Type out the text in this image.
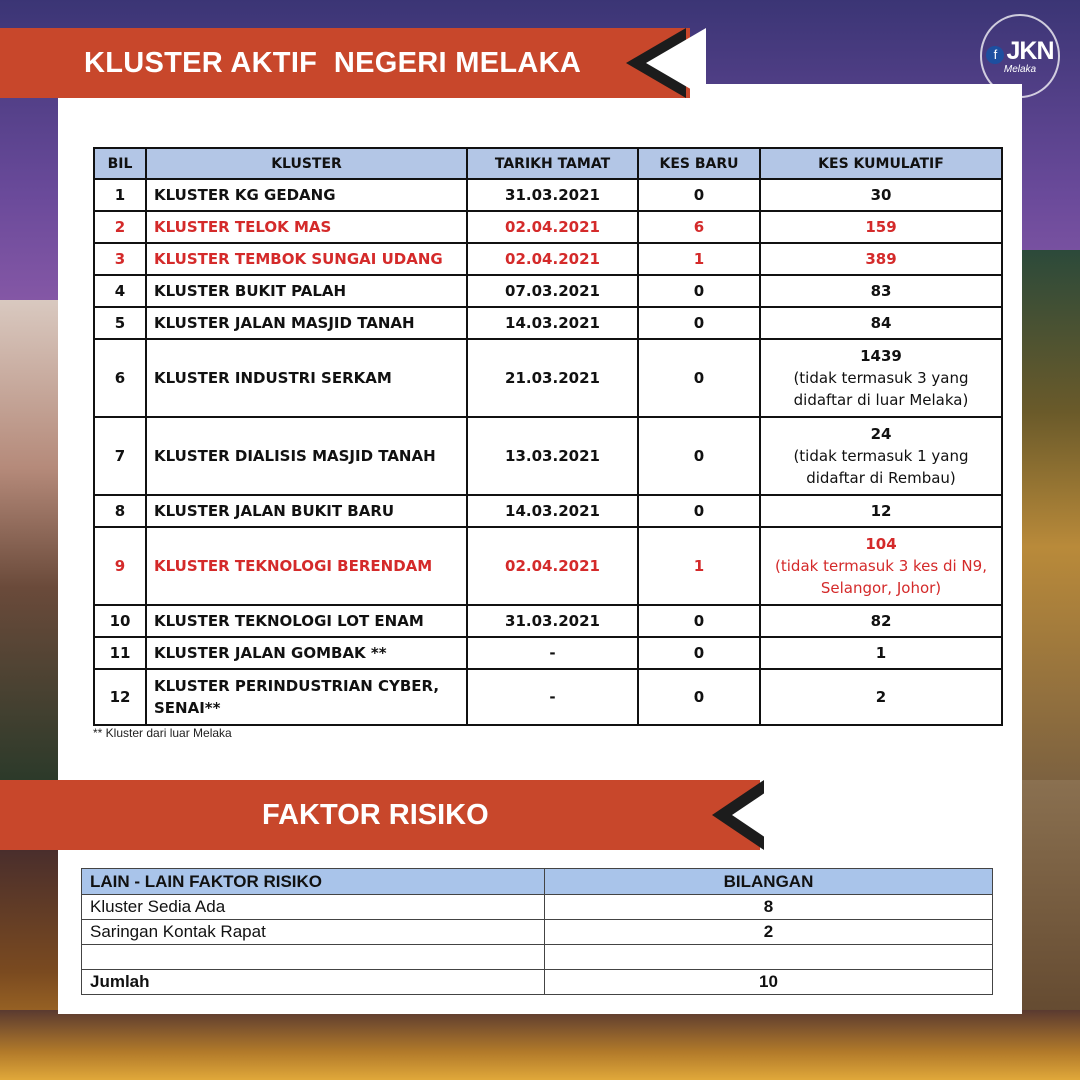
KLUSTER AKTIF  NEGERI MELAKA	f JKN
Melaka
BIL	KLUSTER	TARIKH TAMAT	KES BARU	KES KUMULATIF
1	KLUSTER KG GEDANG	31.03.2021	0	30
2	KLUSTER TELOK MAS	02.04.2021	6	159
3	KLUSTER TEMBOK SUNGAI UDANG	02.04.2021	1	389
4	KLUSTER BUKIT PALAH	07.03.2021	0	83
5	KLUSTER JALAN MASJID TANAH	14.03.2021	0	84
6	KLUSTER INDUSTRI SERKAM	21.03.2021	0	1439
(tidak termasuk 3 yang didaftar di luar Melaka)

7	KLUSTER DIALISIS MASJID TANAH	13.03.2021	0	24
(tidak termasuk 1 yang didaftar di Rembau)

8	KLUSTER JALAN BUKIT BARU	14.03.2021	0	12
9	KLUSTER TEKNOLOGI BERENDAM	02.04.2021	1	104
(tidak termasuk 3 kes di N9, Selangor, Johor)

10	KLUSTER TEKNOLOGI LOT ENAM	31.03.2021	0	82
11	KLUSTER JALAN GOMBAK **	-	0	1
12	KLUSTER PERINDUSTRIAN CYBER, SENAI**	-	0	2
** Kluster dari luar Melaka
FAKTOR RISIKO
LAIN - LAIN FAKTOR RISIKO	BILANGAN
Kluster Sedia Ada	8
Saringan Kontak Rapat	2

Jumlah	10
